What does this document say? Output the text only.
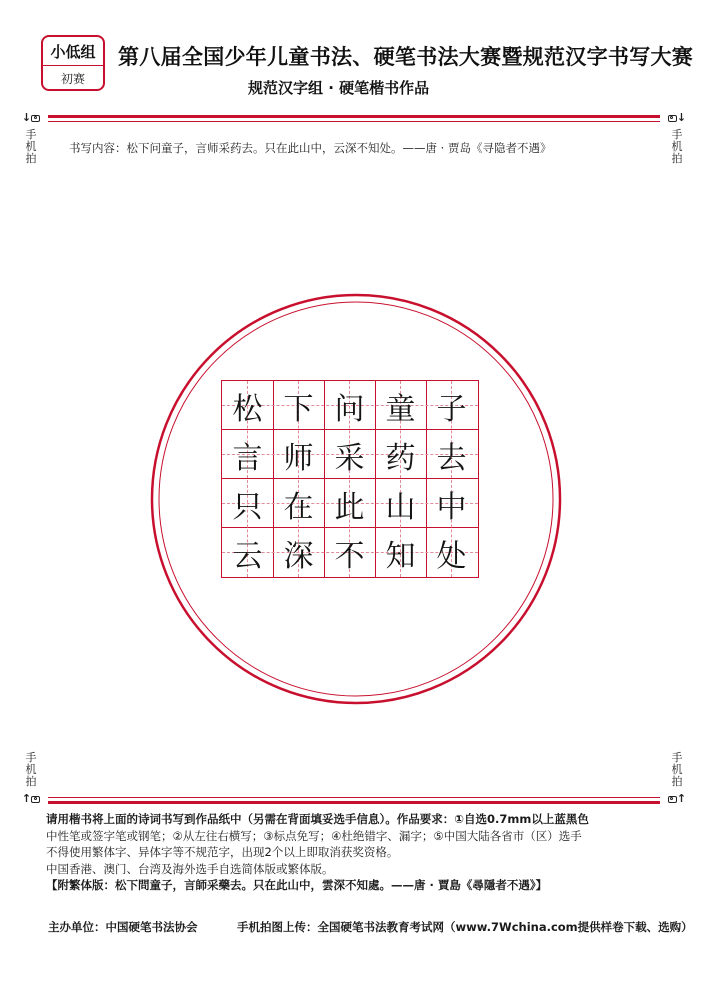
小低组
初赛
第八届全国少年儿童书法、硬笔书法大赛暨规范汉字书写大赛
规范汉字组 · 硬笔楷书作品
↓
手
机
拍
↓
手
机
拍
书写内容：松下问童子，言师采药去。只在此山中，云深不知处。——唐 · 贾岛《寻隐者不遇》
松 下 问 童 子
言 师 采 药 去
只 在 此 山 中
云 深 不 知 处
手
机
拍
↑
手
机
拍
↑

请用楷书将上面的诗词书写到作品纸中（另需在背面填妥选手信息）。作品要求：①自选0.7mm以上蓝黑色

中性笔或签字笔或钢笔；②从左往右横写；③标点免写；④杜绝错字、漏字；⑤中国大陆各省市（区）选手

不得使用繁体字、异体字等不规范字，出现2个以上即取消获奖资格。

中国香港、澳门、台湾及海外选手自选简体版或繁体版。

【附繁体版：松下問童子，言師采藥去。只在此山中，雲深不知處。——唐 · 賈島《尋隱者不遇》】

主办单位：中国硬笔书法协会	手机拍图上传：全国硬笔书法教育考试网（www.7Wchina.com提供样卷下载、选购）
